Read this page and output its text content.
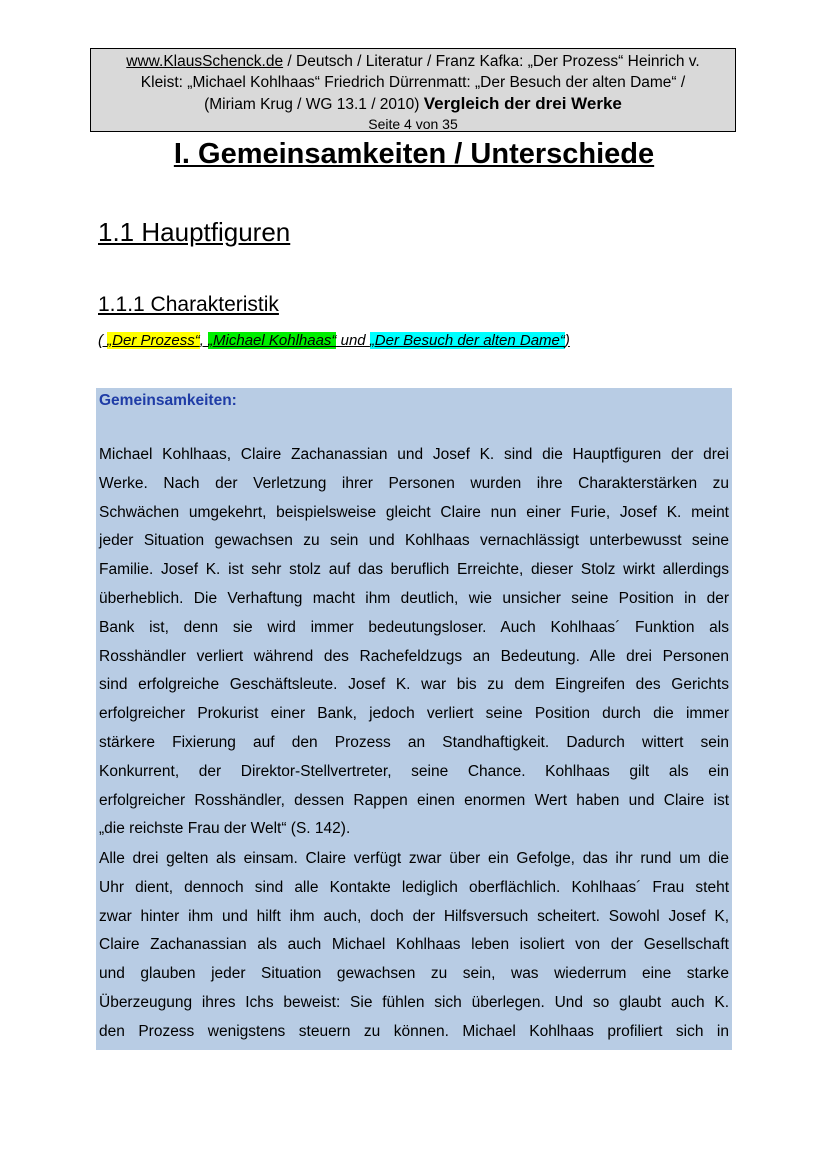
www.KlausSchenck.de / Deutsch / Literatur / Franz Kafka: „Der Prozess“ Heinrich v.
Kleist: „Michael Kohlhaas“ Friedrich Dürrenmatt: „Der Besuch der alten Dame“ /
(Miriam Krug / WG 13.1 / 2010) Vergleich der drei Werke
Seite 4 von 35
I. Gemeinsamkeiten / Unterschiede
1.1 Hauptfiguren
1.1.1 Charakteristik
( „Der Prozess“, „Michael Kohlhaas“ und „Der Besuch der alten Dame“)
Gemeinsamkeiten:
Michael Kohlhaas, Claire Zachanassian und Josef K. sind die Hauptfiguren der drei
Werke. Nach der Verletzung ihrer Personen wurden ihre Charakterstärken zu
Schwächen umgekehrt, beispielsweise gleicht Claire nun einer Furie, Josef K. meint
jeder Situation gewachsen zu sein und Kohlhaas vernachlässigt unterbewusst seine
Familie. Josef K. ist sehr stolz auf das beruflich Erreichte, dieser Stolz wirkt allerdings
überheblich. Die Verhaftung macht ihm deutlich, wie unsicher seine Position in der
Bank ist, denn sie wird immer bedeutungsloser. Auch Kohlhaas´ Funktion als
Rosshändler verliert während des Rachefeldzugs an Bedeutung. Alle drei Personen
sind erfolgreiche Geschäftsleute. Josef K. war bis zu dem Eingreifen des Gerichts
erfolgreicher Prokurist einer Bank, jedoch verliert seine Position durch die immer
stärkere Fixierung auf den Prozess an Standhaftigkeit. Dadurch wittert sein
Konkurrent, der Direktor-Stellvertreter, seine Chance. Kohlhaas gilt als ein
erfolgreicher Rosshändler, dessen Rappen einen enormen Wert haben und Claire ist
„die reichste Frau der Welt“ (S. 142).
Alle drei gelten als einsam. Claire verfügt zwar über ein Gefolge, das ihr rund um die
Uhr dient, dennoch sind alle Kontakte lediglich oberflächlich. Kohlhaas´ Frau steht
zwar hinter ihm und hilft ihm auch, doch der Hilfsversuch scheitert. Sowohl Josef K,
Claire Zachanassian als auch Michael Kohlhaas leben isoliert von der Gesellschaft
und glauben jeder Situation gewachsen zu sein, was wiederrum eine starke
Überzeugung ihres Ichs beweist: Sie fühlen sich überlegen. Und so glaubt auch K.
den Prozess wenigstens steuern zu können. Michael Kohlhaas profiliert sich in
